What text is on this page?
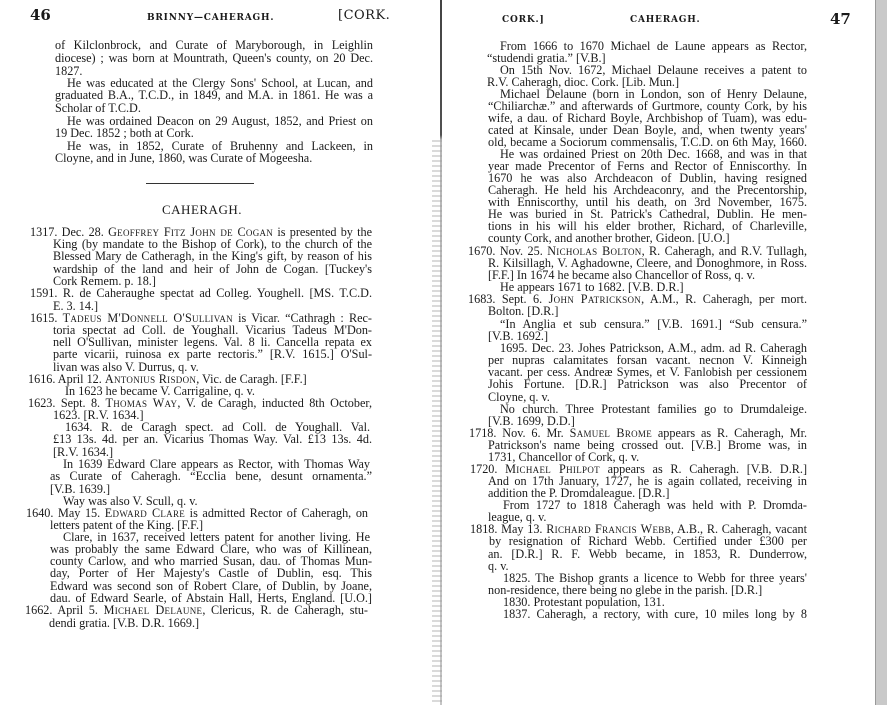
46	BRINNY—CAHERAGH.	[CORK.
of Kilclonbrock, and Curate of Maryborough, in Leighlin
diocese) ; was born at Mountrath, Queen's county, on 20 Dec.
1827.
He was educated at the Clergy Sons' School, at Lucan, and
graduated B.A., T.C.D., in 1849, and M.A. in 1861. He was a
Scholar of T.C.D.
He was ordained Deacon on 29 August, 1852, and Priest on
19 Dec. 1852 ; both at Cork.
He was, in 1852, Curate of Bruhenny and Lackeen, in
Cloyne, and in June, 1860, was Curate of Mogeesha.
CAHERAGH.
1317. Dec. 28. Geoffrey Fitz John de Cogan is presented by the
King (by mandate to the Bishop of Cork), to the church of the
Blessed Mary de Catheragh, in the King's gift, by reason of his
wardship of the land and heir of John de Cogan. [Tuckey's
Cork Remem. p. 18.]
1591. R. de Caheraughe spectat ad Colleg. Youghell. [MS. T.C.D.
E. 3. 14.]
1615. Tadeus M'Donnell O'Sullivan is Vicar. “Cathragh : Rec-
toria spectat ad Coll. de Youghall. Vicarius Tadeus M'Don-
nell O'Sullivan, minister legens. Val. 8 li. Cancella repata ex
parte vicarii, ruinosa ex parte rectoris.” [R.V. 1615.] O'Sul-
livan was also V. Durrus, q. v.
1616. April 12. Antonius Risdon, Vic. de Caragh. [F.F.]
In 1623 he became V. Carrigaline, q. v.
1623. Sept. 8. Thomas Way, V. de Caragh, inducted 8th October,
1623. [R.V. 1634.]
1634. R. de Caragh spect. ad Coll. de Youghall. Val.
£13 13s. 4d. per an. Vicarius Thomas Way. Val. £13 13s. 4d.
[R.V. 1634.]
In 1639 Edward Clare appears as Rector, with Thomas Way
as Curate of Caheragh. “Ecclia bene, desunt ornamenta.”
[V.B. 1639.]
Way was also V. Scull, q. v.
1640. May 15. Edward Clare is admitted Rector of Caheragh, on
letters patent of the King. [F.F.]
Clare, in 1637, received letters patent for another living. He
was probably the same Edward Clare, who was of Killinean,
county Carlow, and who married Susan, dau. of Thomas Mun-
day, Porter of Her Majesty's Castle of Dublin, esq. This
Edward was second son of Robert Clare, of Dublin, by Joane,
dau. of Edward Searle, of Abstain Hall, Herts, England. [U.O.]
1662. April 5. Michael Delaune, Clericus, R. de Caheragh, stu-
dendi gratia. [V.B. D.R. 1669.]
CORK.]	CAHERAGH.	47
From 1666 to 1670 Michael de Laune appears as Rector,
“studendi gratia.” [V.B.]
On 15th Nov. 1672, Michael Delaune receives a patent to
R.V. Caheragh, dioc. Cork. [Lib. Mun.]
Michael Delaune (born in London, son of Henry Delaune,
“Chiliarchæ.” and afterwards of Gurtmore, county Cork, by his
wife, a dau. of Richard Boyle, Archbishop of Tuam), was edu-
cated at Kinsale, under Dean Boyle, and, when twenty years'
old, became a Sociorum commensalis, T.C.D. on 6th May, 1660.
He was ordained Priest on 20th Dec. 1668, and was in that
year made Precentor of Ferns and Rector of Enniscorthy. In
1670 he was also Archdeacon of Dublin, having resigned
Caheragh. He held his Archdeaconry, and the Precentorship,
with Enniscorthy, until his death, on 3rd November, 1675.
He was buried in St. Patrick's Cathedral, Dublin. He men-
tions in his will his elder brother, Richard, of Charleville,
county Cork, and another brother, Gideon. [U.O.]
1670. Nov. 25. Nicholas Bolton, R. Caheragh, and R.V. Tullagh,
R. Kilsillagh, V. Aghadowne, Cleere, and Donoghmore, in Ross.
[F.F.] In 1674 he became also Chancellor of Ross, q. v.
He appears 1671 to 1682. [V.B. D.R.]
1683. Sept. 6. John Patrickson, A.M., R. Caheragh, per mort.
Bolton. [D.R.]
“In Anglia et sub censura.” [V.B. 1691.] “Sub censura.”
[V.B. 1692.]
1695. Dec. 23. Johes Patrickson, A.M., adm. ad R. Caheragh
per nupras calamitates forsan vacant. necnon V. Kinneigh
vacant. per cess. Andreæ Symes, et V. Fanlobish per cessionem
Johis Fortune. [D.R.] Patrickson was also Precentor of
Cloyne, q. v.
No church. Three Protestant families go to Drumdaleige.
[V.B. 1699, D.D.]
1718. Nov. 6. Mr. Samuel Brome appears as R. Caheragh, Mr.
Patrickson's name being crossed out. [V.B.] Brome was, in
1731, Chancellor of Cork, q. v.
1720. Michael Philpot appears as R. Caheragh. [V.B. D.R.]
And on 17th January, 1727, he is again collated, receiving in
addition the P. Dromdaleague. [D.R.]
From 1727 to 1818 Caheragh was held with P. Dromda-
league, q. v.
1818. May 13. Richard Francis Webb, A.B., R. Caheragh, vacant
by resignation of Richard Webb. Certified under £300 per
an. [D.R.] R. F. Webb became, in 1853, R. Dunderrow,
q. v.
1825. The Bishop grants a licence to Webb for three years'
non-residence, there being no glebe in the parish. [D.R.]
1830. Protestant population, 131.
1837. Caheragh, a rectory, with cure, 10 miles long by 8
